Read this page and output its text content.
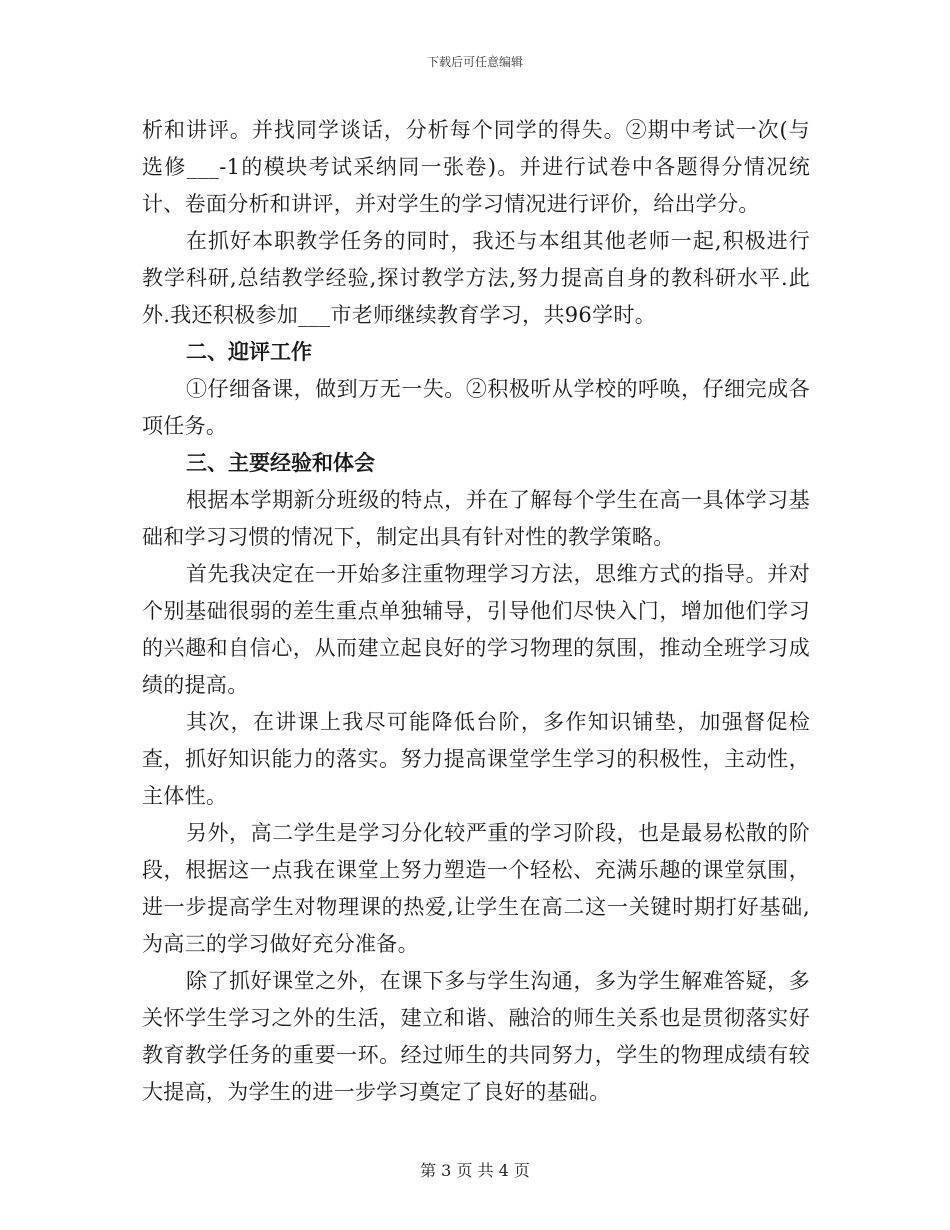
下载后可任意编辑

析和讲评。并找同学谈话，分析每个同学的得失。②期中考试一次(与选修___-1的模块考试采纳同一张卷)。并进行试卷中各题得分情况统计、卷面分析和讲评，并对学生的学习情况进行评价，给出学分。

在抓好本职教学任务的同时，我还与本组其他老师一起,积极进行教学科研,总结教学经验,探讨教学方法,努力提高自身的教科研水平.此外.我还积极参加___市老师继续教育学习，共96学时。

二、迎评工作

①仔细备课，做到万无一失。②积极听从学校的呼唤，仔细完成各项任务。

三、主要经验和体会

根据本学期新分班级的特点，并在了解每个学生在高一具体学习基础和学习习惯的情况下，制定出具有针对性的教学策略。

首先我决定在一开始多注重物理学习方法，思维方式的指导。并对个别基础很弱的差生重点单独辅导，引导他们尽快入门，增加他们学习的兴趣和自信心，从而建立起良好的学习物理的氛围，推动全班学习成绩的提高。

其次，在讲课上我尽可能降低台阶，多作知识铺垫，加强督促检查，抓好知识能力的落实。努力提高课堂学生学习的积极性，主动性，主体性。

另外，高二学生是学习分化较严重的学习阶段，也是最易松散的阶段，根据这一点我在课堂上努力塑造一个轻松、充满乐趣的课堂氛围，进一步提高学生对物理课的热爱,让学生在高二这一关键时期打好基础,为高三的学习做好充分准备。

除了抓好课堂之外，在课下多与学生沟通，多为学生解难答疑，多关怀学生学习之外的生活，建立和谐、融洽的师生关系也是贯彻落实好教育教学任务的重要一环。经过师生的共同努力，学生的物理成绩有较大提高，为学生的进一步学习奠定了良好的基础。

第 3 页 共 4 页
